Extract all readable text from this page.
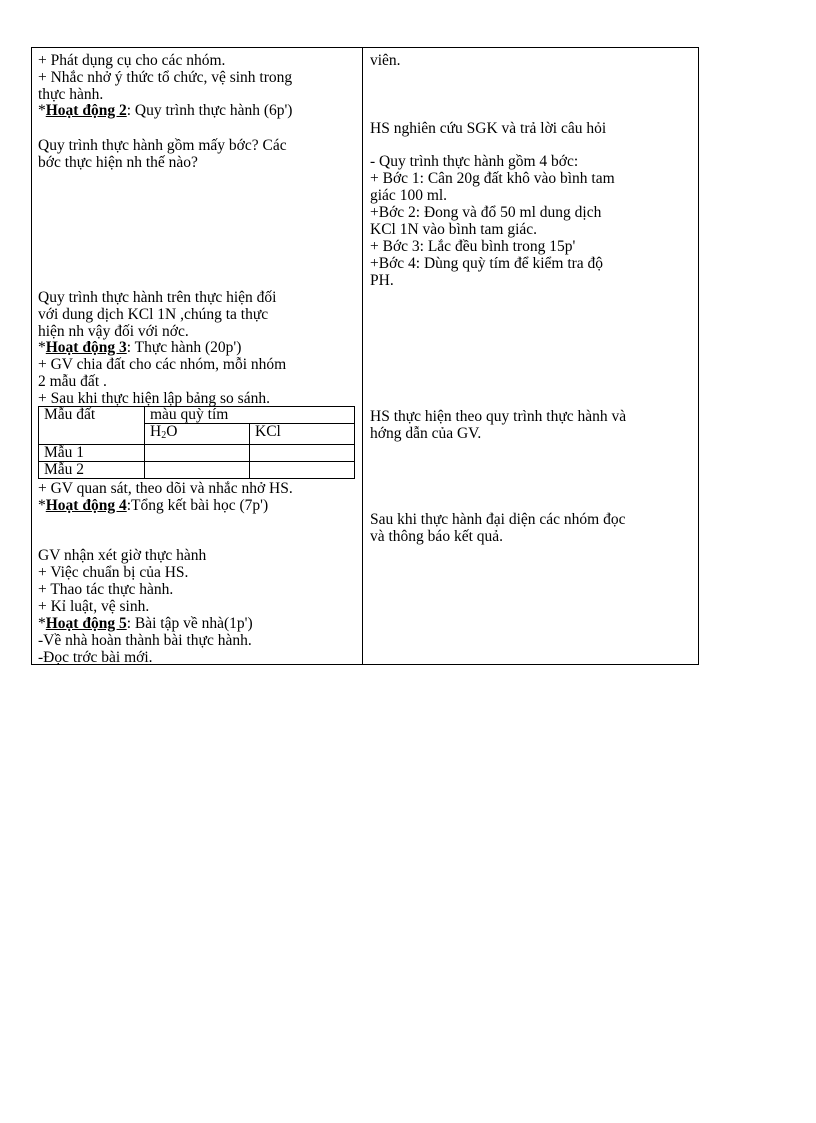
+ Phát dụng cụ cho các nhóm.
+ Nhắc nhở ý thức tổ chức, vệ sinh trong
thực hành.
*Hoạt động 2: Quy trình thực hành (6p')
Quy trình thực hành gồm mấy bớc? Các
bớc thực hiện nh thế nào?
Quy trình thực hành trên thực hiện đối
với dung dịch KCl 1N ,chúng ta thực
hiện nh vậy đối với nớc.
*Hoạt động 3: Thực hành (20p')
+ GV chia đất cho các nhóm, mỗi nhóm
2 mẫu đất .
+ Sau khi thực hiện lập bảng so sánh.
Mẫu đất	màu quỳ tím	
	$H_2O$	KCl
Mẫu 1		
Mẫu 2		
+ GV quan sát, theo dõi và nhắc nhở HS.
*Hoạt động 4:Tổng kết bài học (7p')
GV nhận xét giờ thực hành
+ Việc chuẩn bị của HS.
+ Thao tác thực hành.
+ Kỉ luật, vệ sinh.
*Hoạt động 5: Bài tập về nhà(1p')
-Về nhà hoàn thành bài thực hành.
-Đọc trớc bài mới.
viên.
HS nghiên cứu SGK và trả lời câu hỏi
- Quy trình thực hành gồm 4 bớc:
+ Bớc 1: Cân 20g đất khô vào bình tam
giác 100 ml.
+Bớc 2: Đong và đổ 50 ml dung dịch
KCl 1N vào bình tam giác.
+ Bớc 3: Lắc đều bình trong 15p'
+Bớc 4: Dùng quỳ tím để kiểm tra độ
PH.
HS thực hiện theo quy trình thực hành và
hớng dẫn của GV.
Sau khi thực hành đại diện các nhóm đọc
và thông báo kết quả.
